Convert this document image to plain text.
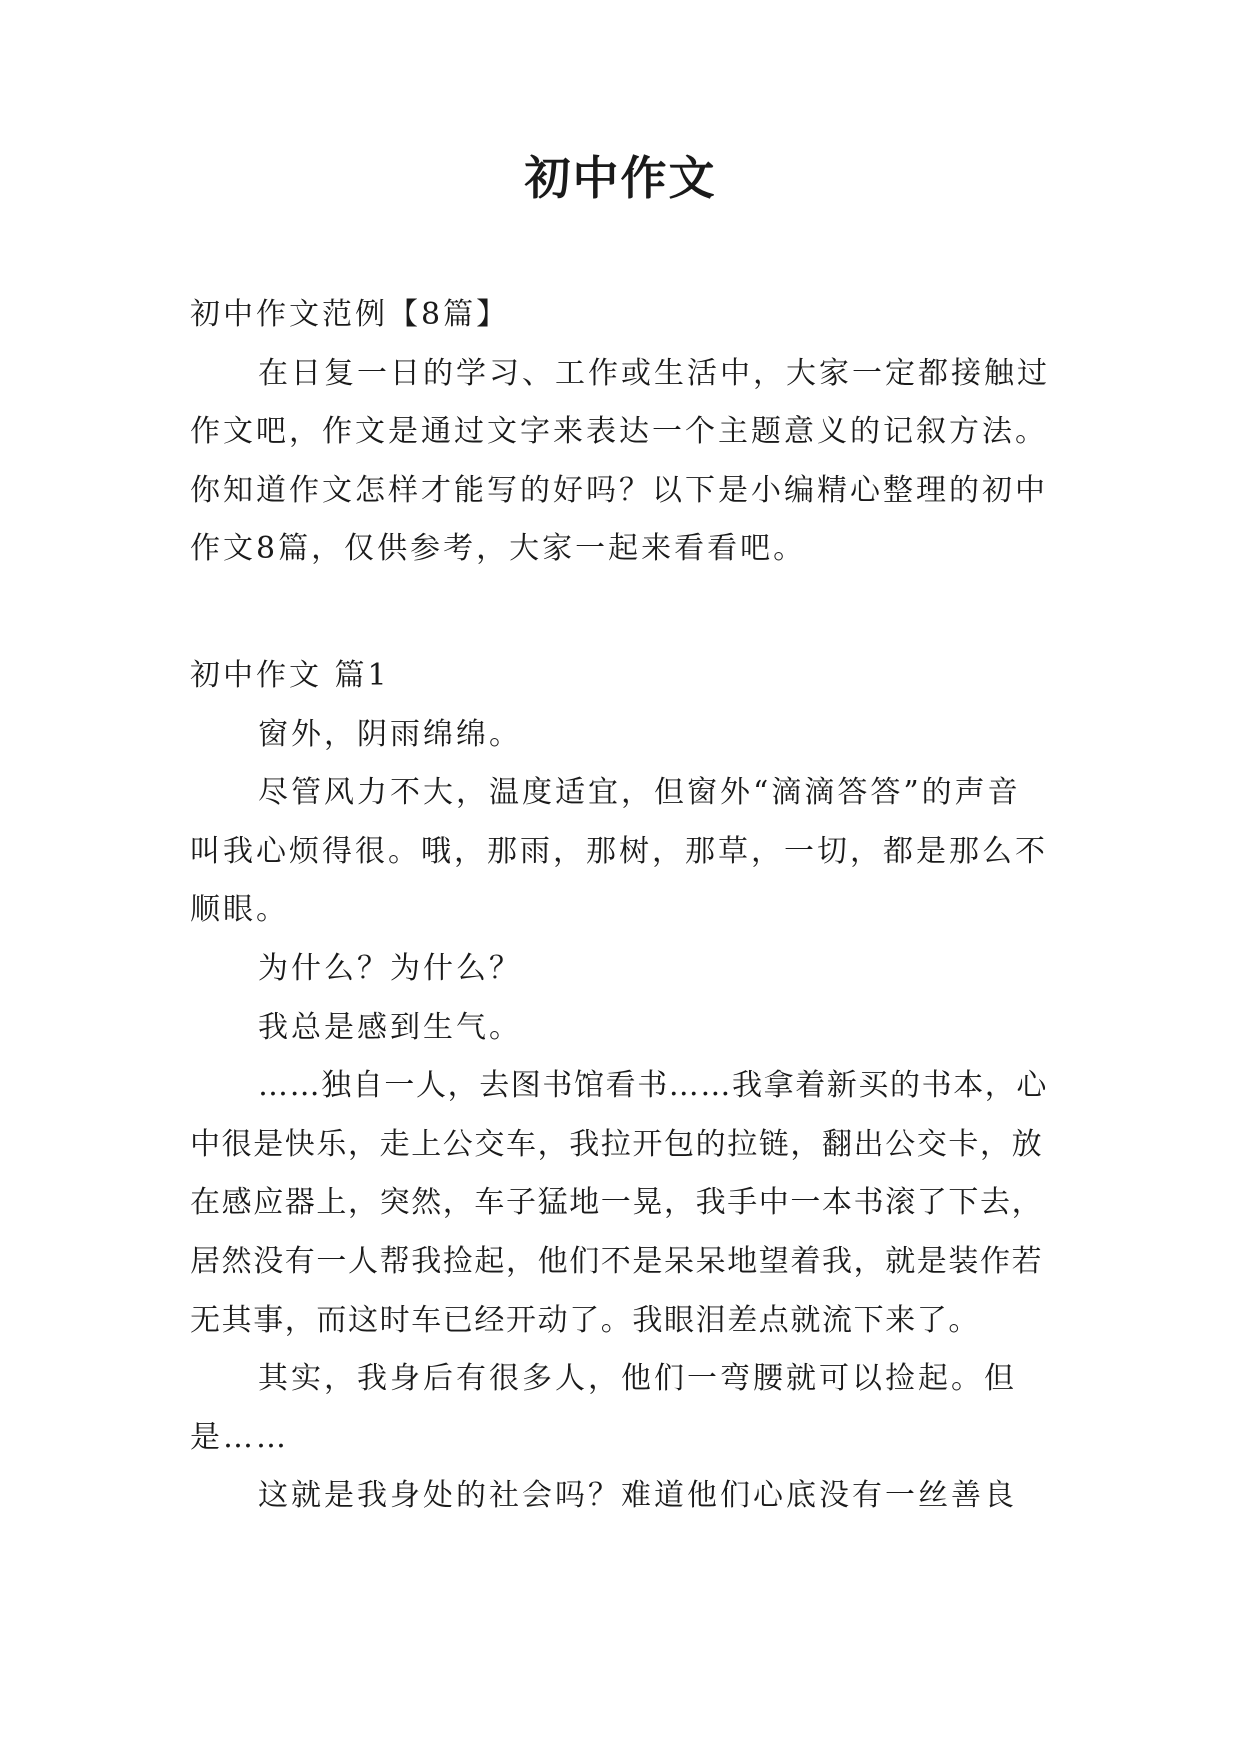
初中作文

初中作文范例【8篇】

在日复一日的学习、工作或生活中，大家一定都接触过作文吧，作文是通过文字来表达一个主题意义的记叙方法。你知道作文怎样才能写的好吗？以下是小编精心整理的初中作文8篇，仅供参考，大家一起来看看吧。

初中作文 篇1

窗外，阴雨绵绵。

尽管风力不大，温度适宜，但窗外“滴滴答答”的声音叫我心烦得很。哦，那雨，那树，那草，一切，都是那么不顺眼。

为什么？为什么？

我总是感到生气。

……独自一人，去图书馆看书……我拿着新买的书本，心中很是快乐，走上公交车，我拉开包的拉链，翻出公交卡，放在感应器上，突然，车子猛地一晃，我手中一本书滚了下去，居然没有一人帮我捡起，他们不是呆呆地望着我，就是装作若无其事，而这时车已经开动了。我眼泪差点就流下来了。

其实，我身后有很多人，他们一弯腰就可以捡起。但是……

这就是我身处的社会吗？难道他们心底没有一丝善良
